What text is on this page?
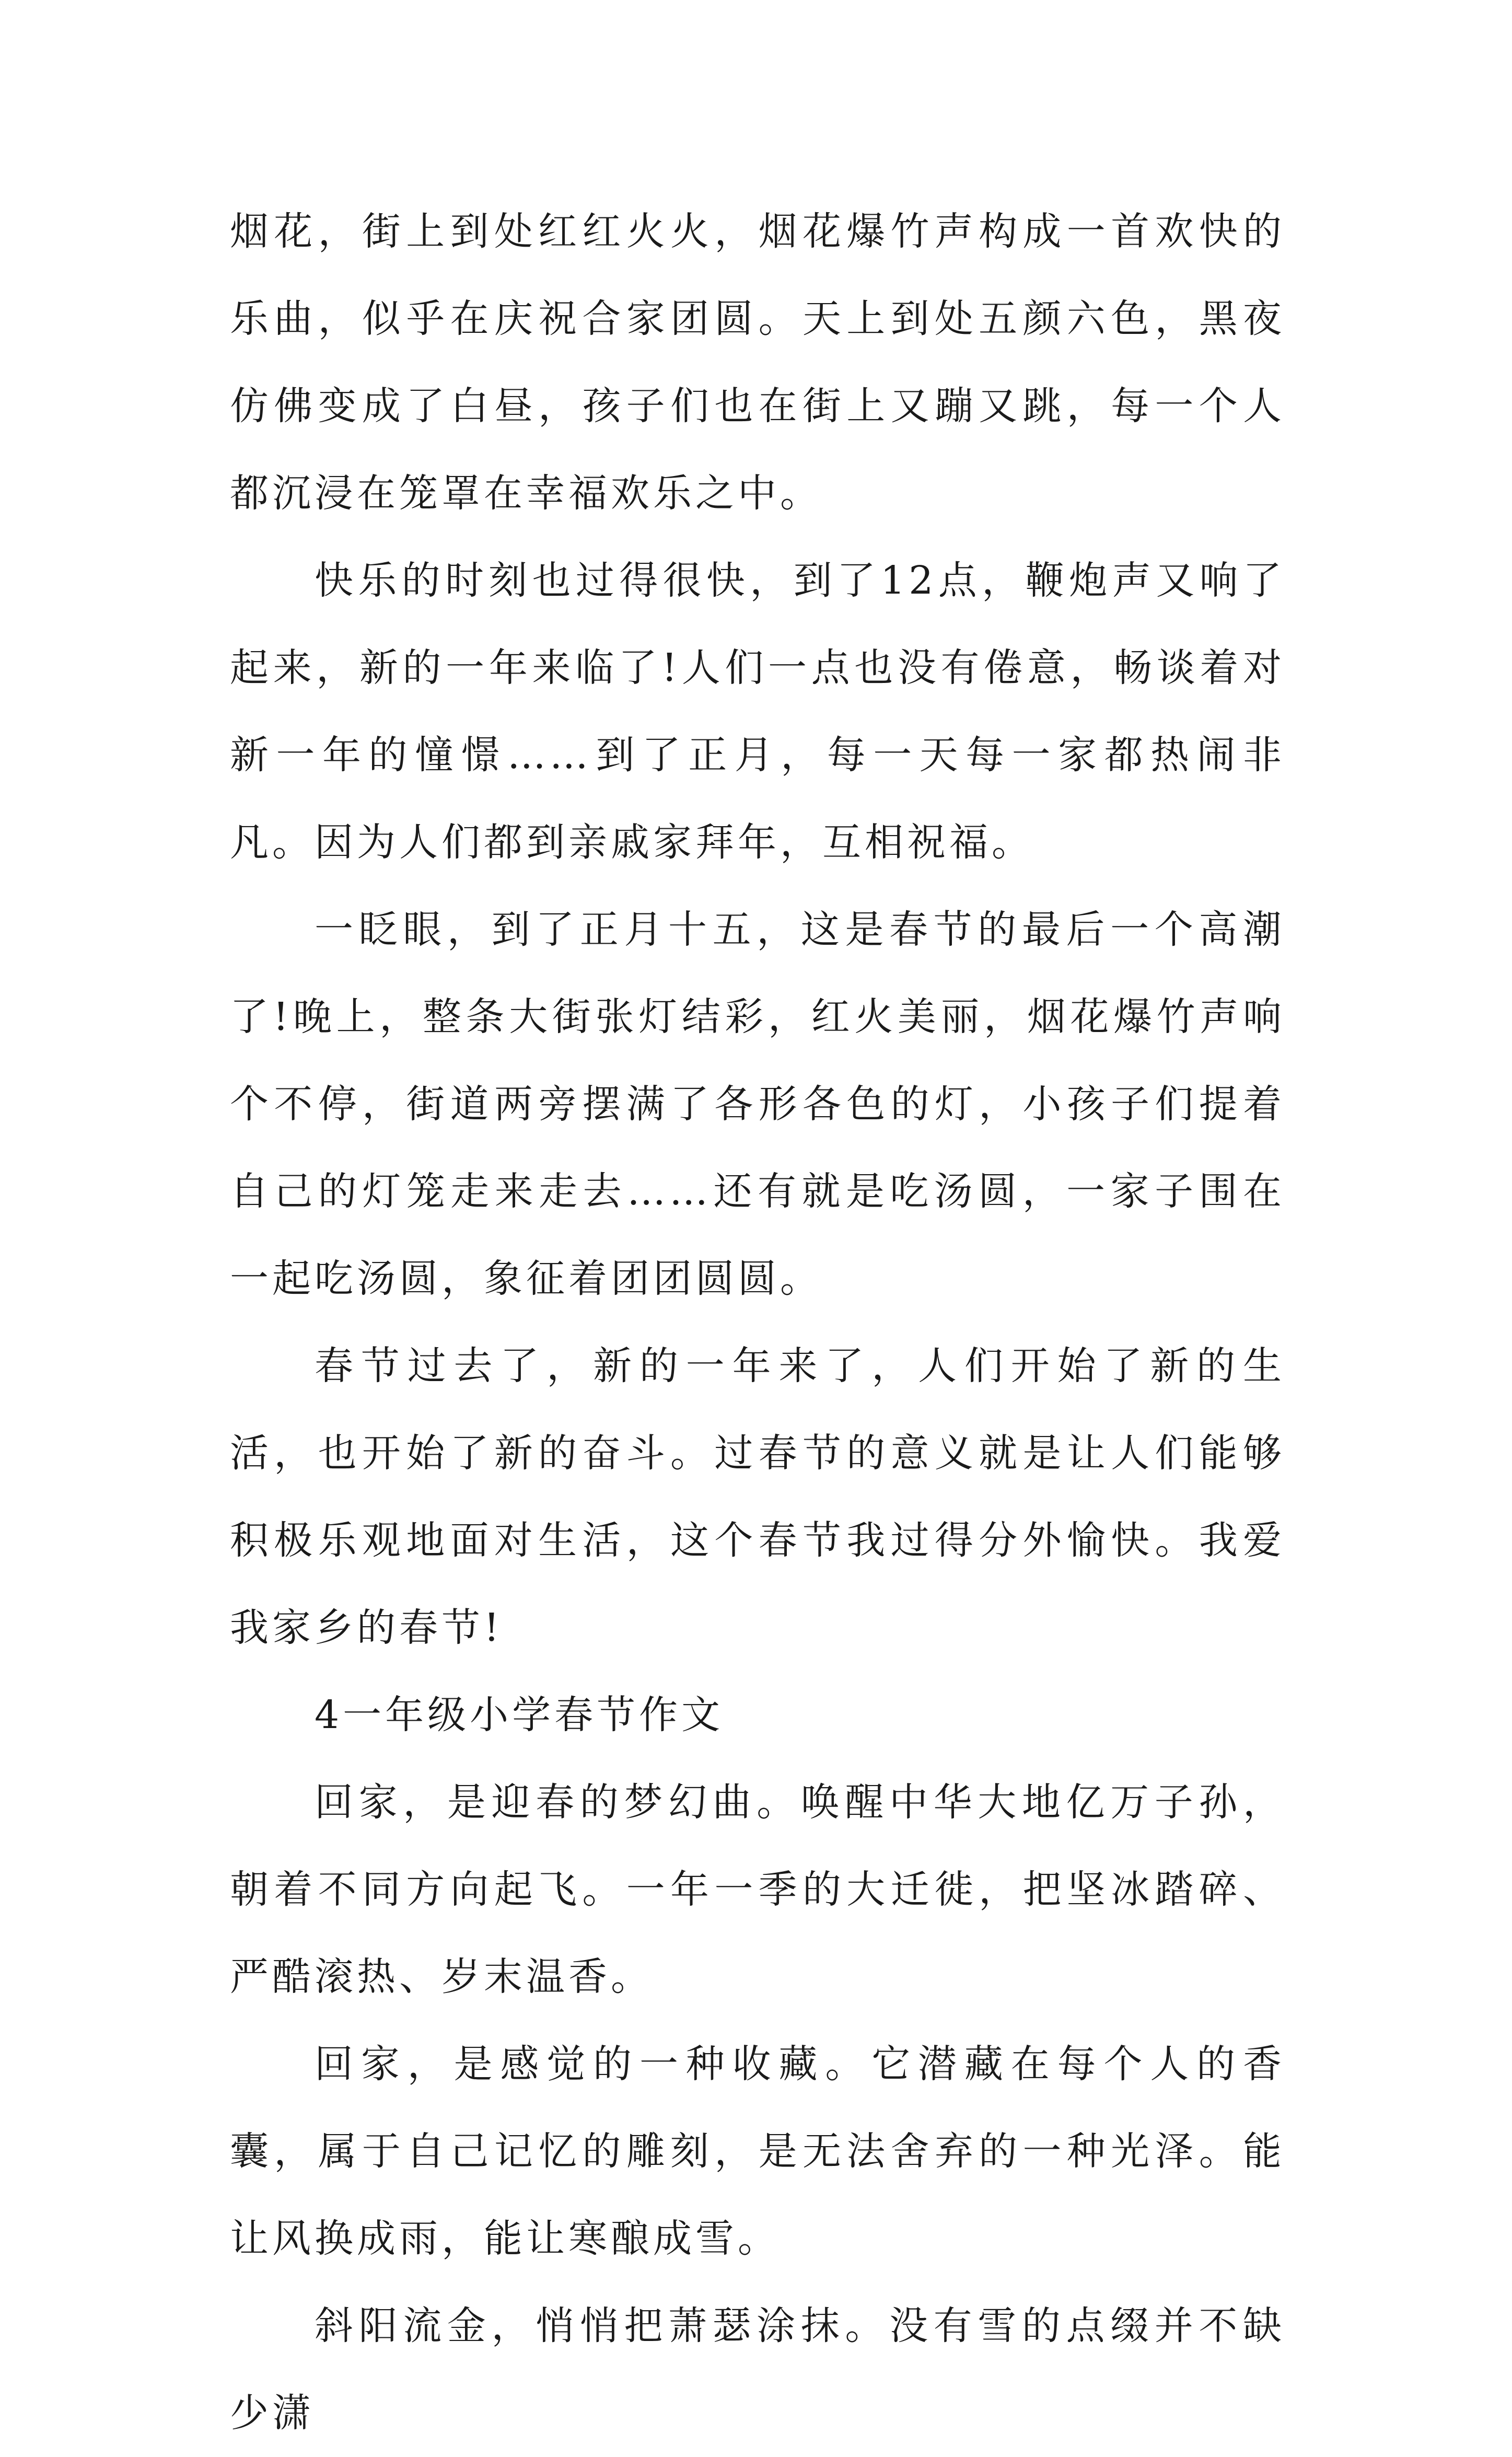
烟花，街上到处红红火火，烟花爆竹声构成一首欢快的乐曲，似乎在庆祝合家团圆。天上到处五颜六色，黑夜仿佛变成了白昼，孩子们也在街上又蹦又跳，每一个人都沉浸在笼罩在幸福欢乐之中。

快乐的时刻也过得很快，到了12点，鞭炮声又响了起来，新的一年来临了!人们一点也没有倦意，畅谈着对新一年的憧憬……到了正月，每一天每一家都热闹非凡。因为人们都到亲戚家拜年，互相祝福。

一眨眼，到了正月十五，这是春节的最后一个高潮了!晚上，整条大街张灯结彩，红火美丽，烟花爆竹声响个不停，街道两旁摆满了各形各色的灯，小孩子们提着自己的灯笼走来走去……还有就是吃汤圆，一家子围在一起吃汤圆，象征着团团圆圆。

春节过去了，新的一年来了，人们开始了新的生活，也开始了新的奋斗。过春节的意义就是让人们能够积极乐观地面对生活，这个春节我过得分外愉快。我爱我家乡的春节!

4一年级小学春节作文

回家，是迎春的梦幻曲。唤醒中华大地亿万子孙，朝着不同方向起飞。一年一季的大迁徙，把坚冰踏碎、严酷滚热、岁末温香。

回家，是感觉的一种收藏。它潜藏在每个人的香囊，属于自己记忆的雕刻，是无法舍弃的一种光泽。能让风换成雨，能让寒酿成雪。

斜阳流金，悄悄把萧瑟涂抹。没有雪的点缀并不缺少潇
